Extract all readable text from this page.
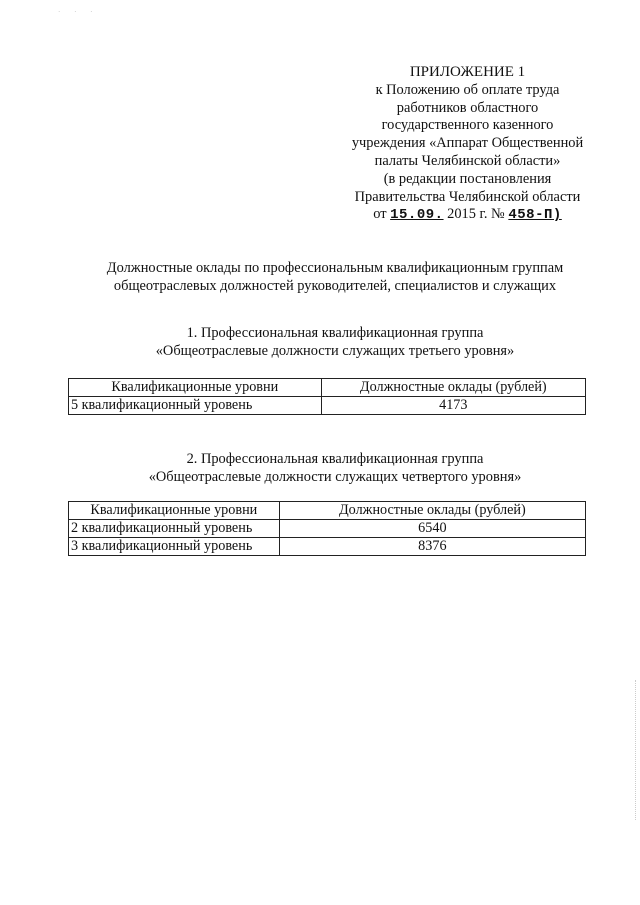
· · ·
ПРИЛОЖЕНИЕ 1
к Положению об оплате труда
работников областного
государственного казенного
учреждения «Аппарат Общественной
палаты Челябинской области»
(в редакции постановления
Правительства Челябинской области
от 15.09. 2015 г. № 458-П)
Должностные оклады по профессиональным квалификационным группам
общеотраслевых должностей руководителей, специалистов и служащих
1. Профессиональная квалификационная группа
«Общеотраслевые должности служащих третьего уровня»
Квалификационные уровни	Должностные оклады (рублей)
5 квалификационный уровень	4173
2. Профессиональная квалификационная группа
«Общеотраслевые должности служащих четвертого уровня»
Квалификационные уровни	Должностные оклады (рублей)
2 квалификационный уровень	6540
3 квалификационный уровень	8376
